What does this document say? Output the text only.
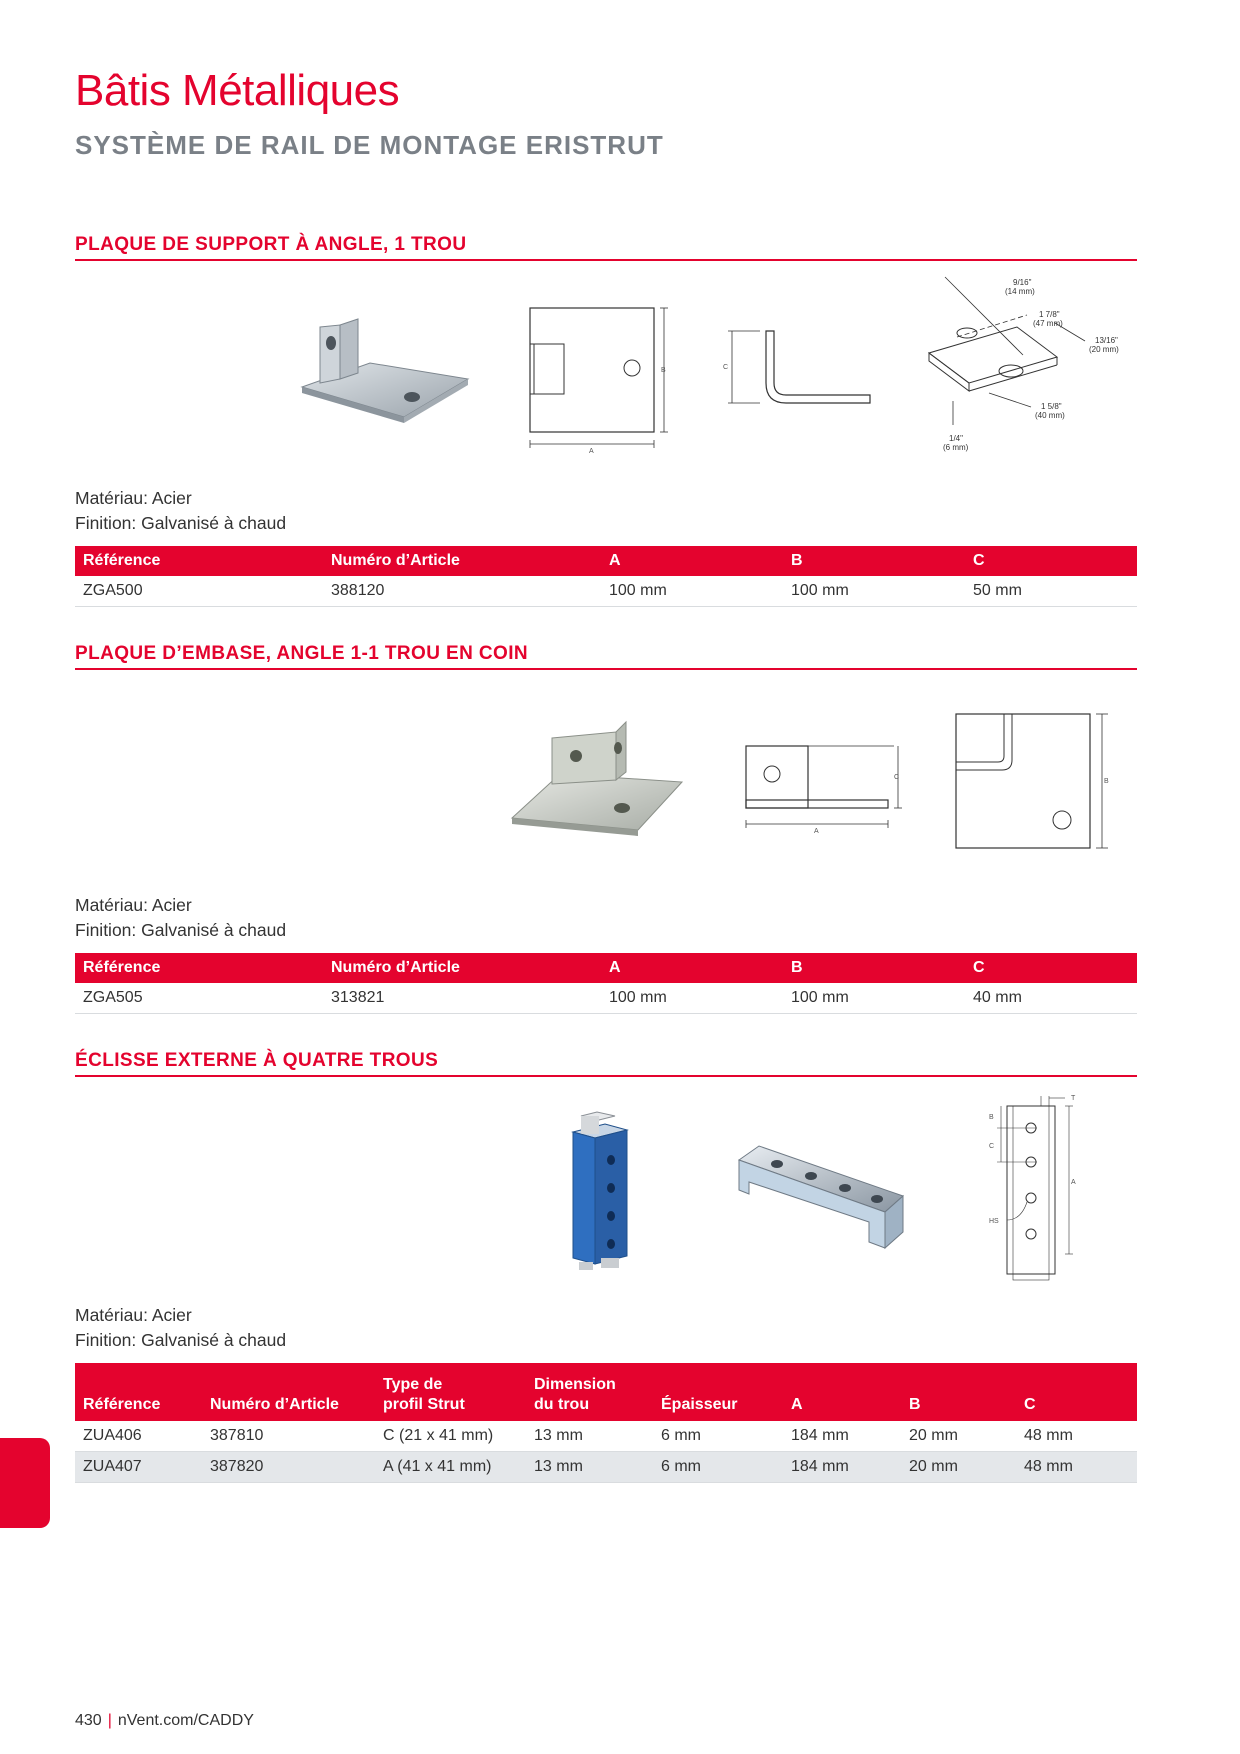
Bâtis Métalliques
SYSTÈME DE RAIL DE MONTAGE ERISTRUT
PLAQUE DE SUPPORT À ANGLE, 1 TROU
B
A
C
9/16"
(14 mm)
1 7/8"
(47 mm)
13/16"
(20 mm)
1 5/8"
(40 mm)
1/4"
(6 mm)
Matériau: Acier
Finition: Galvanisé à chaud
Référence	Numéro d’Article	A	B	C
ZGA500	388120	100 mm	100 mm	50 mm
PLAQUE D’EMBASE, ANGLE 1-1 TROU EN COIN
C
A
B
Matériau: Acier
Finition: Galvanisé à chaud
Référence	Numéro d’Article	A	B	C
ZGA505	313821	100 mm	100 mm	40 mm
ÉCLISSE EXTERNE À QUATRE TROUS
T
B
C
A
HS
Matériau: Acier
Finition: Galvanisé à chaud

Référence	Numéro d’Article	Type de
profil Strut	Dimension
du trou	Épaisseur	A	B	C
ZUA406	387810	C (21 x 41 mm)	13 mm	6 mm	184 mm	20 mm	48 mm
ZUA407	387820	A (41 x 41 mm)	13 mm	6 mm	184 mm	20 mm	48 mm
430 | nVent.com/CADDY
